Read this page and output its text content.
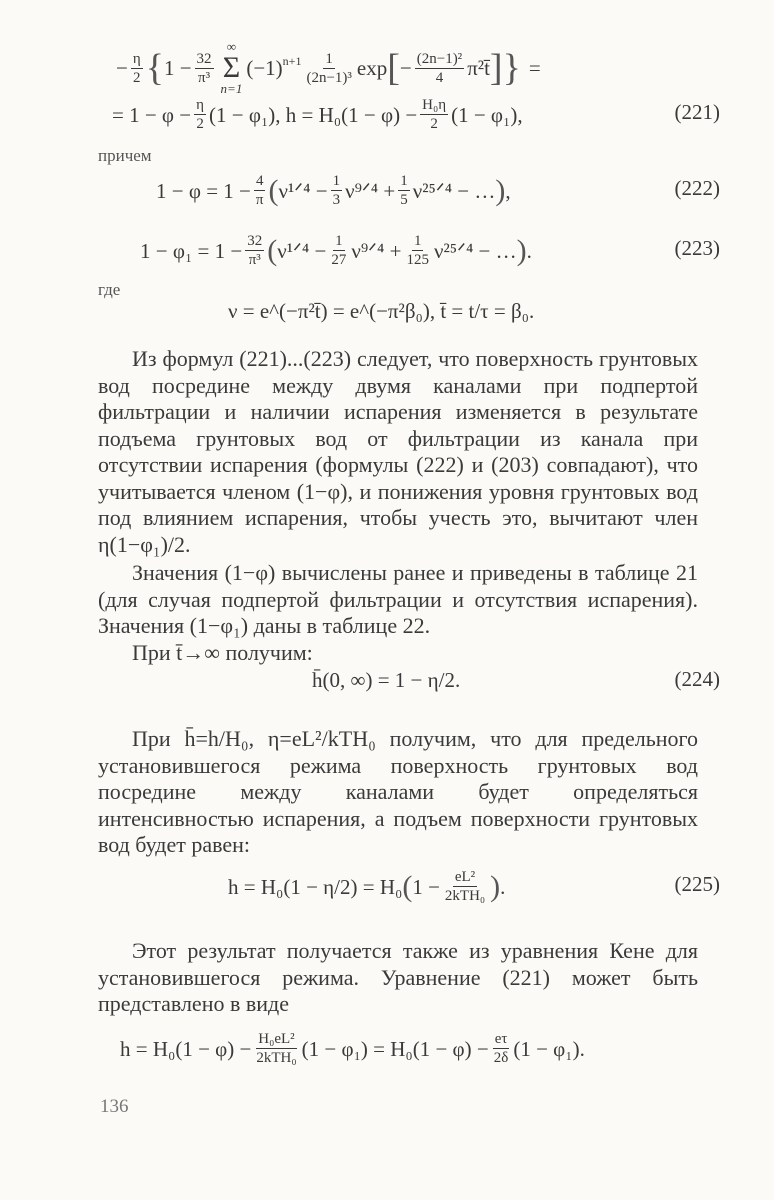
− $\frac{\eta}{2}$ { $1 - \frac{32}{\text{π³}}$
∞
Σ
n=1
$(-1)^{n+1} \frac{1}{\text{(2n−1)³}}$ exp [ − $\frac{\text{(2n−1)²}}{4}$ π²t̄ ] } =
= $1 - \varphi - \frac{\eta}{2} (1 - \varphi_1)$, $h = H_0(1 - \varphi) - \frac{\text{H₀η}}{2} (1 - \varphi_1)$,	(221)
причем
$1 - \varphi = 1 - \frac{4}{\pi}$ ( ν¹ᐟ⁴ − $\frac{1}{3}$ ν⁹ᐟ⁴ + $\frac{1}{5}$ ν²⁵ᐟ⁴ − … ) ,	(222)
$1 - \varphi_1 = 1 - \frac{32}{\text{π³}}$ ( ν¹ᐟ⁴ − $\frac{1}{27}$ ν⁹ᐟ⁴ + $\frac{1}{125}$ ν²⁵ᐟ⁴ − … ) .	(223)
где
ν = e^(−π²t̄) = e^(−π²β₀), t̄ = t/τ = β₀.

Из формул (221)...(223) следует, что поверхность грунтовых вод посредине между двумя каналами при подпертой фильтрации и наличии испарения изменяется в результате подъема грунтовых вод от фильтрации из канала при отсутствии испарения (формулы (222) и (203) совпадают), что учитывается членом (1−φ), и понижения уровня грунтовых вод под влиянием испарения, чтобы учесть это, вычитают член η(1−φ₁)/2.

Значения (1−φ) вычислены ранее и приведены в таблице 21 (для случая подпертой фильтрации и отсутствия испарения). Значения (1−φ₁) даны в таблице 22.

При t̄→∞ получим:

h̄(0, ∞) = 1 − η/2.	(224)

При h̄=h/H₀, η=eL²/kTH₀ получим, что для предельного установившегося режима поверхность грунтовых вод посредине между каналами будет определяться интенсивностью испарения, а подъем поверхности грунтовых вод будет равен:

h = H₀(1 − η/2) = H₀ ( $1 - \frac{\text{eL²}}{\text{2kTH₀}}$ ) .	(225)

Этот результат получается также из уравнения Кене для установившегося режима. Уравнение (221) может быть представлено в виде

$h = H_0(1 - \varphi) - \frac{\text{H₀eL²}}{\text{2kTH₀}} (1 - \varphi_1) = H_0(1 - \varphi) - \frac{e\tau}{2\delta} (1 - \varphi_1)$.
136
